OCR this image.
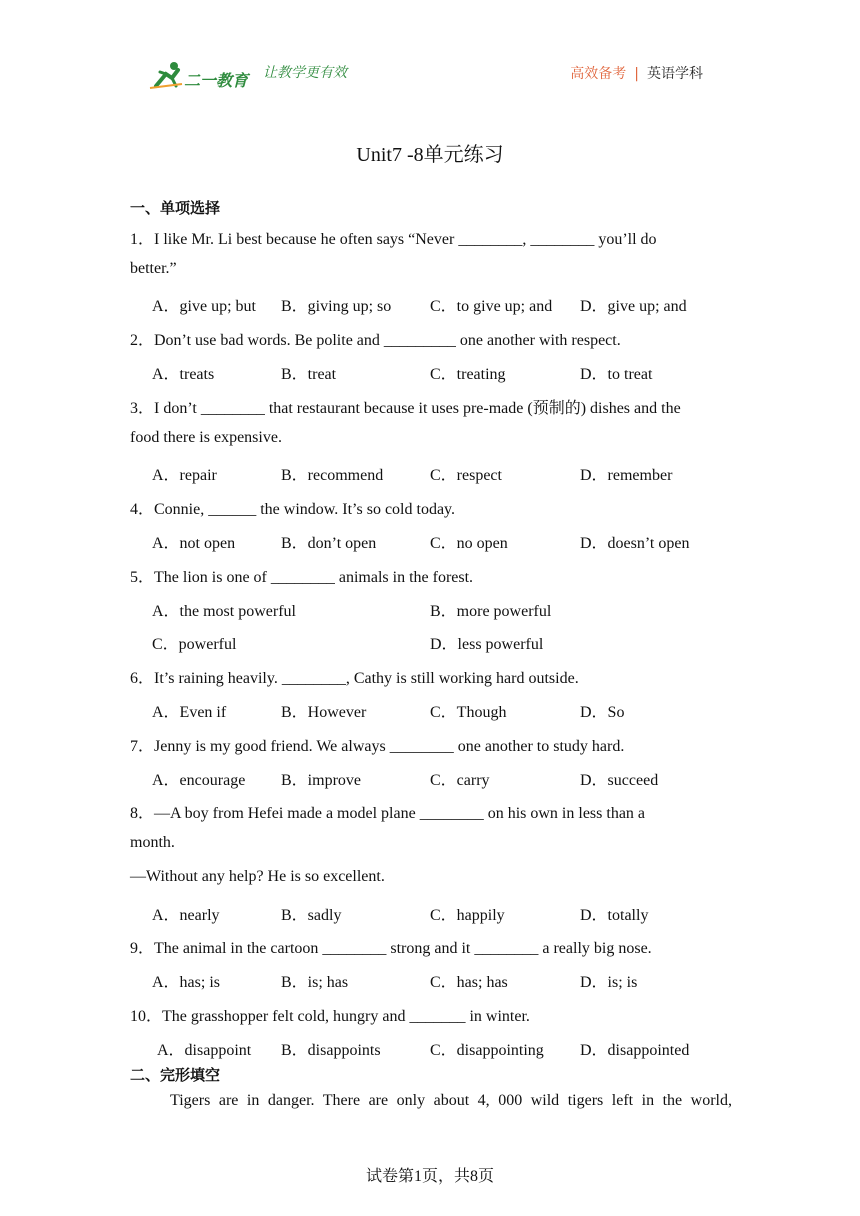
二一教育 让教学更有效	高效备考 | 英语学科
Unit7 -8单元练习
一、单项选择
1．I like Mr. Li best because he often says “Never ________, ________ you’ll do
better.”
A．give up; but B．giving up; so C．to give up; and D．give up; and
2．Don’t use bad words. Be polite and _________ one another with respect.
A．treats	B．treat	C．treating	D．to treat
3．I don’t ________ that restaurant because it uses pre-made (预制的) dishes and the
food there is expensive.
A．repair	B．recommend	C．respect	D．remember
4．Connie, ______ the window. It’s so cold today.
A．not open	B．don’t open	C．no open	D．doesn’t open
5．The lion is one of ________ animals in the forest.
A．the most powerful	B．more powerful
C．powerful	D．less powerful
6．It’s raining heavily. ________, Cathy is still working hard outside.
A．Even if	B．However	C．Though	D．So
7．Jenny is my good friend. We always ________ one another to study hard.
A．encourage B．improve	C．carry	D．succeed
8．—A boy from Hefei made a model plane ________ on his own in less than a
month.
—Without any help? He is so excellent.
A．nearly	B．sadly	C．happily	D．totally
9．The animal in the cartoon ________ strong and it ________ a really big nose.
A．has; is	B．is; has	C．has; has	D．is; is
10．The grasshopper felt cold, hungry and _______ in winter.
A．disappoint B．disappoints	C．disappointing D．disappointed
二、完形填空
Tigers are in danger. There are only about 4, 000 wild tigers left in the world,
试卷第1页，共8页
